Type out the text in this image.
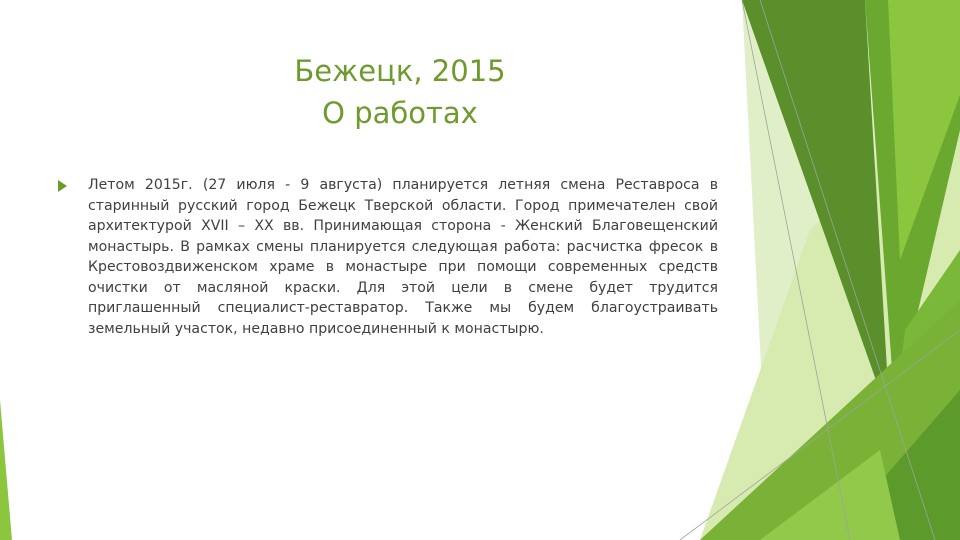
Бежецк, 2015
О работах
Летом 2015г. (27 июля - 9 августа) планируется летняя смена Реставроса в старинный русский город Бежецк Тверской области. Город примечателен свой архитектурой XVII – XX вв. Принимающая сторона - Женский Благовещенский монастырь. В рамках смены планируется следующая работа: расчистка фресок в Крестовоздвиженском храме в монастыре при помощи современных средств очистки от масляной краски. Для этой цели в смене будет трудится приглашенный специалист-реставратор. Также мы будем благоустраивать земельный участок, недавно присоединенный к монастырю.
